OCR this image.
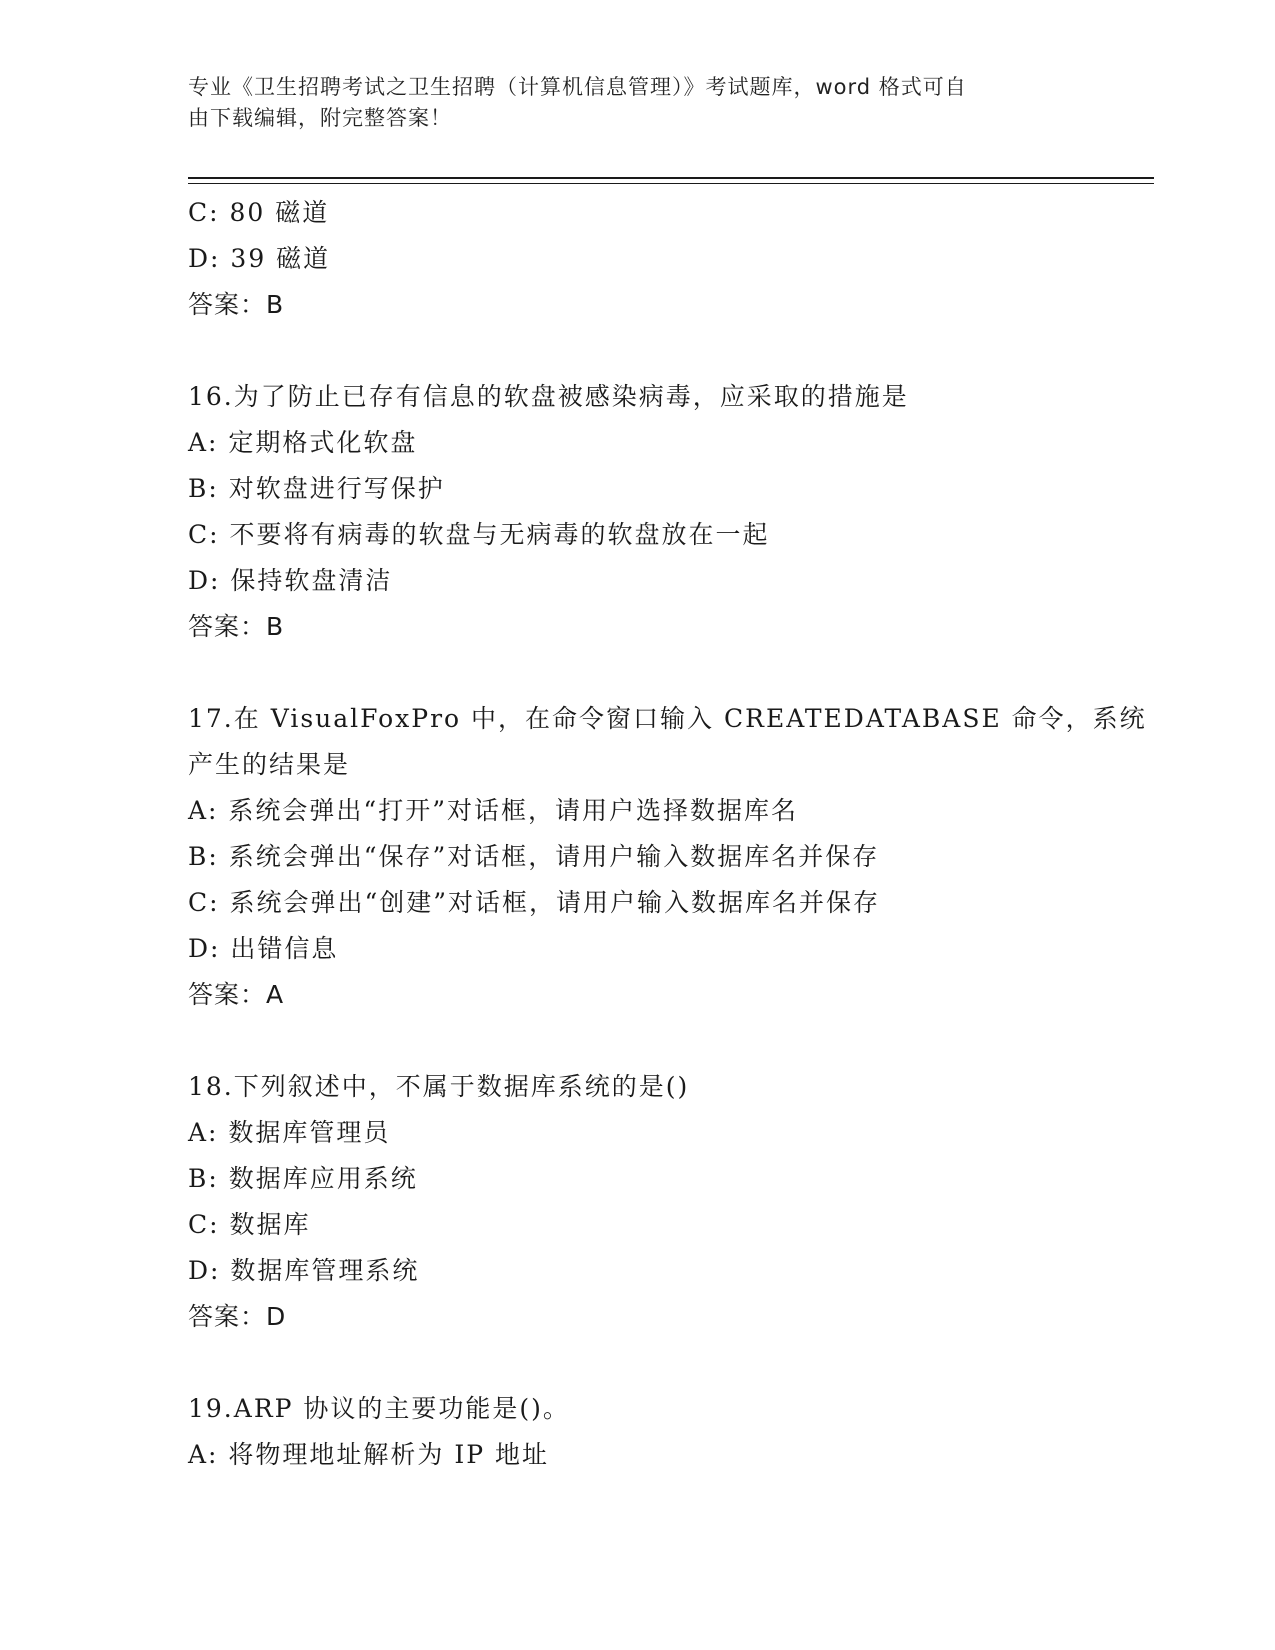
专业《卫生招聘考试之卫生招聘（计算机信息管理）》考试题库，word 格式可自
由下载编辑，附完整答案！
C: 80 磁道
D: 39 磁道
答案：B
16.为了防止已存有信息的软盘被感染病毒，应采取的措施是
A: 定期格式化软盘
B: 对软盘进行写保护
C: 不要将有病毒的软盘与无病毒的软盘放在一起
D: 保持软盘清洁
答案：B
17.在 VisualFoxPro 中，在命令窗口输入 CREATEDATABASE 命令，系统
产生的结果是
A: 系统会弹出“打开”对话框，请用户选择数据库名
B: 系统会弹出“保存”对话框，请用户输入数据库名并保存
C: 系统会弹出“创建”对话框，请用户输入数据库名并保存
D: 出错信息
答案：A
18.下列叙述中，不属于数据库系统的是()
A: 数据库管理员
B: 数据库应用系统
C: 数据库
D: 数据库管理系统
答案：D
19.ARP 协议的主要功能是()。
A: 将物理地址解析为 IP 地址
